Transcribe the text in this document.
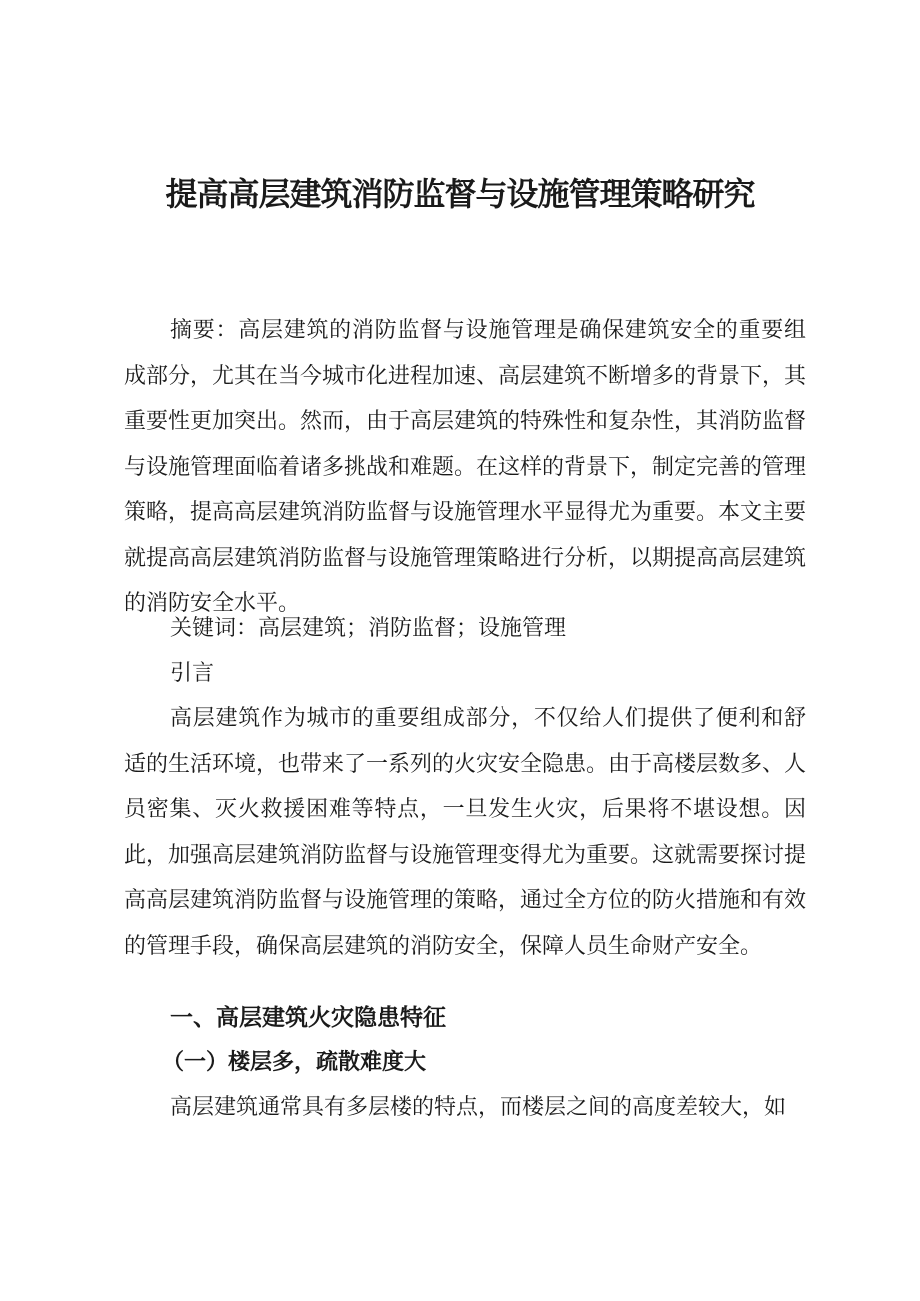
提高高层建筑消防监督与设施管理策略研究

摘要：高层建筑的消防监督与设施管理是确保建筑安全的重要组成部分，尤其在当今城市化进程加速、高层建筑不断增多的背景下，其重要性更加突出。然而，由于高层建筑的特殊性和复杂性，其消防监督与设施管理面临着诸多挑战和难题。在这样的背景下，制定完善的管理策略，提高高层建筑消防监督与设施管理水平显得尤为重要。本文主要就提高高层建筑消防监督与设施管理策略进行分析，以期提高高层建筑的消防安全水平。

关键词：高层建筑；消防监督；设施管理

引言

高层建筑作为城市的重要组成部分，不仅给人们提供了便利和舒适的生活环境，也带来了一系列的火灾安全隐患。由于高楼层数多、人员密集、灭火救援困难等特点，一旦发生火灾，后果将不堪设想。因此，加强高层建筑消防监督与设施管理变得尤为重要。这就需要探讨提高高层建筑消防监督与设施管理的策略，通过全方位的防火措施和有效的管理手段，确保高层建筑的消防安全，保障人员生命财产安全。

一、高层建筑火灾隐患特征
（一）楼层多，疏散难度大

高层建筑通常具有多层楼的特点，而楼层之间的高度差较大，如
